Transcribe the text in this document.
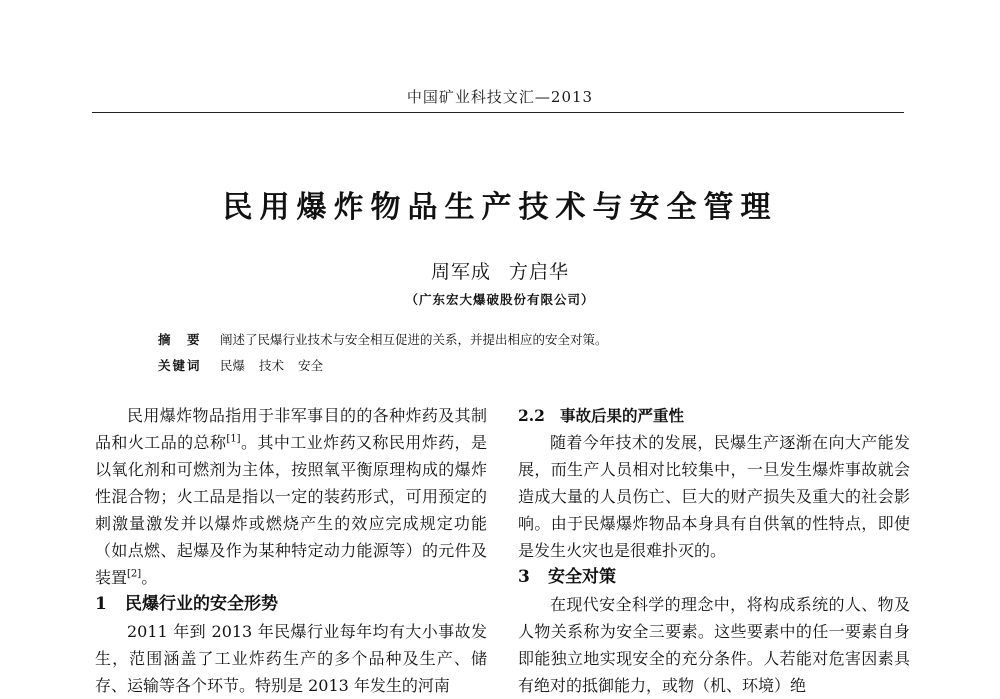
中国矿业科技文汇—2013
民用爆炸物品生产技术与安全管理
周军成 方启华
（广东宏大爆破股份有限公司）
摘　要 阐述了民爆行业技术与安全相互促进的关系，并提出相应的安全对策。
关键词 民爆 技术 安全

民用爆炸物品指用于非军事目的的各种炸药及其制品和火工品的总称[1]。其中工业炸药又称民用炸药，是以氧化剂和可燃剂为主体，按照氧平衡原理构成的爆炸性混合物；火工品是指以一定的装药形式，可用预定的刺激量激发并以爆炸或燃烧产生的效应完成规定功能（如点燃、起爆及作为某种特定动力能源等）的元件及装置[2]。

1 民爆行业的安全形势

2011 年到 2013 年民爆行业每年均有大小事故发生，范围涵盖了工业炸药生产的多个品种及生产、储存、运输等各个环节。特别是 2013 年发生的河南

2.2 事故后果的严重性

随着今年技术的发展，民爆生产逐渐在向大产能发展，而生产人员相对比较集中，一旦发生爆炸事故就会造成大量的人员伤亡、巨大的财产损失及重大的社会影响。由于民爆爆炸物品本身具有自供氧的性特点，即使是发生火灾也是很难扑灭的。

3 安全对策

在现代安全科学的理念中，将构成系统的人、物及人物关系称为安全三要素。这些要素中的任一要素自身即能独立地实现安全的充分条件。人若能对危害因素具有绝对的抵御能力，或物（机、环境）绝
